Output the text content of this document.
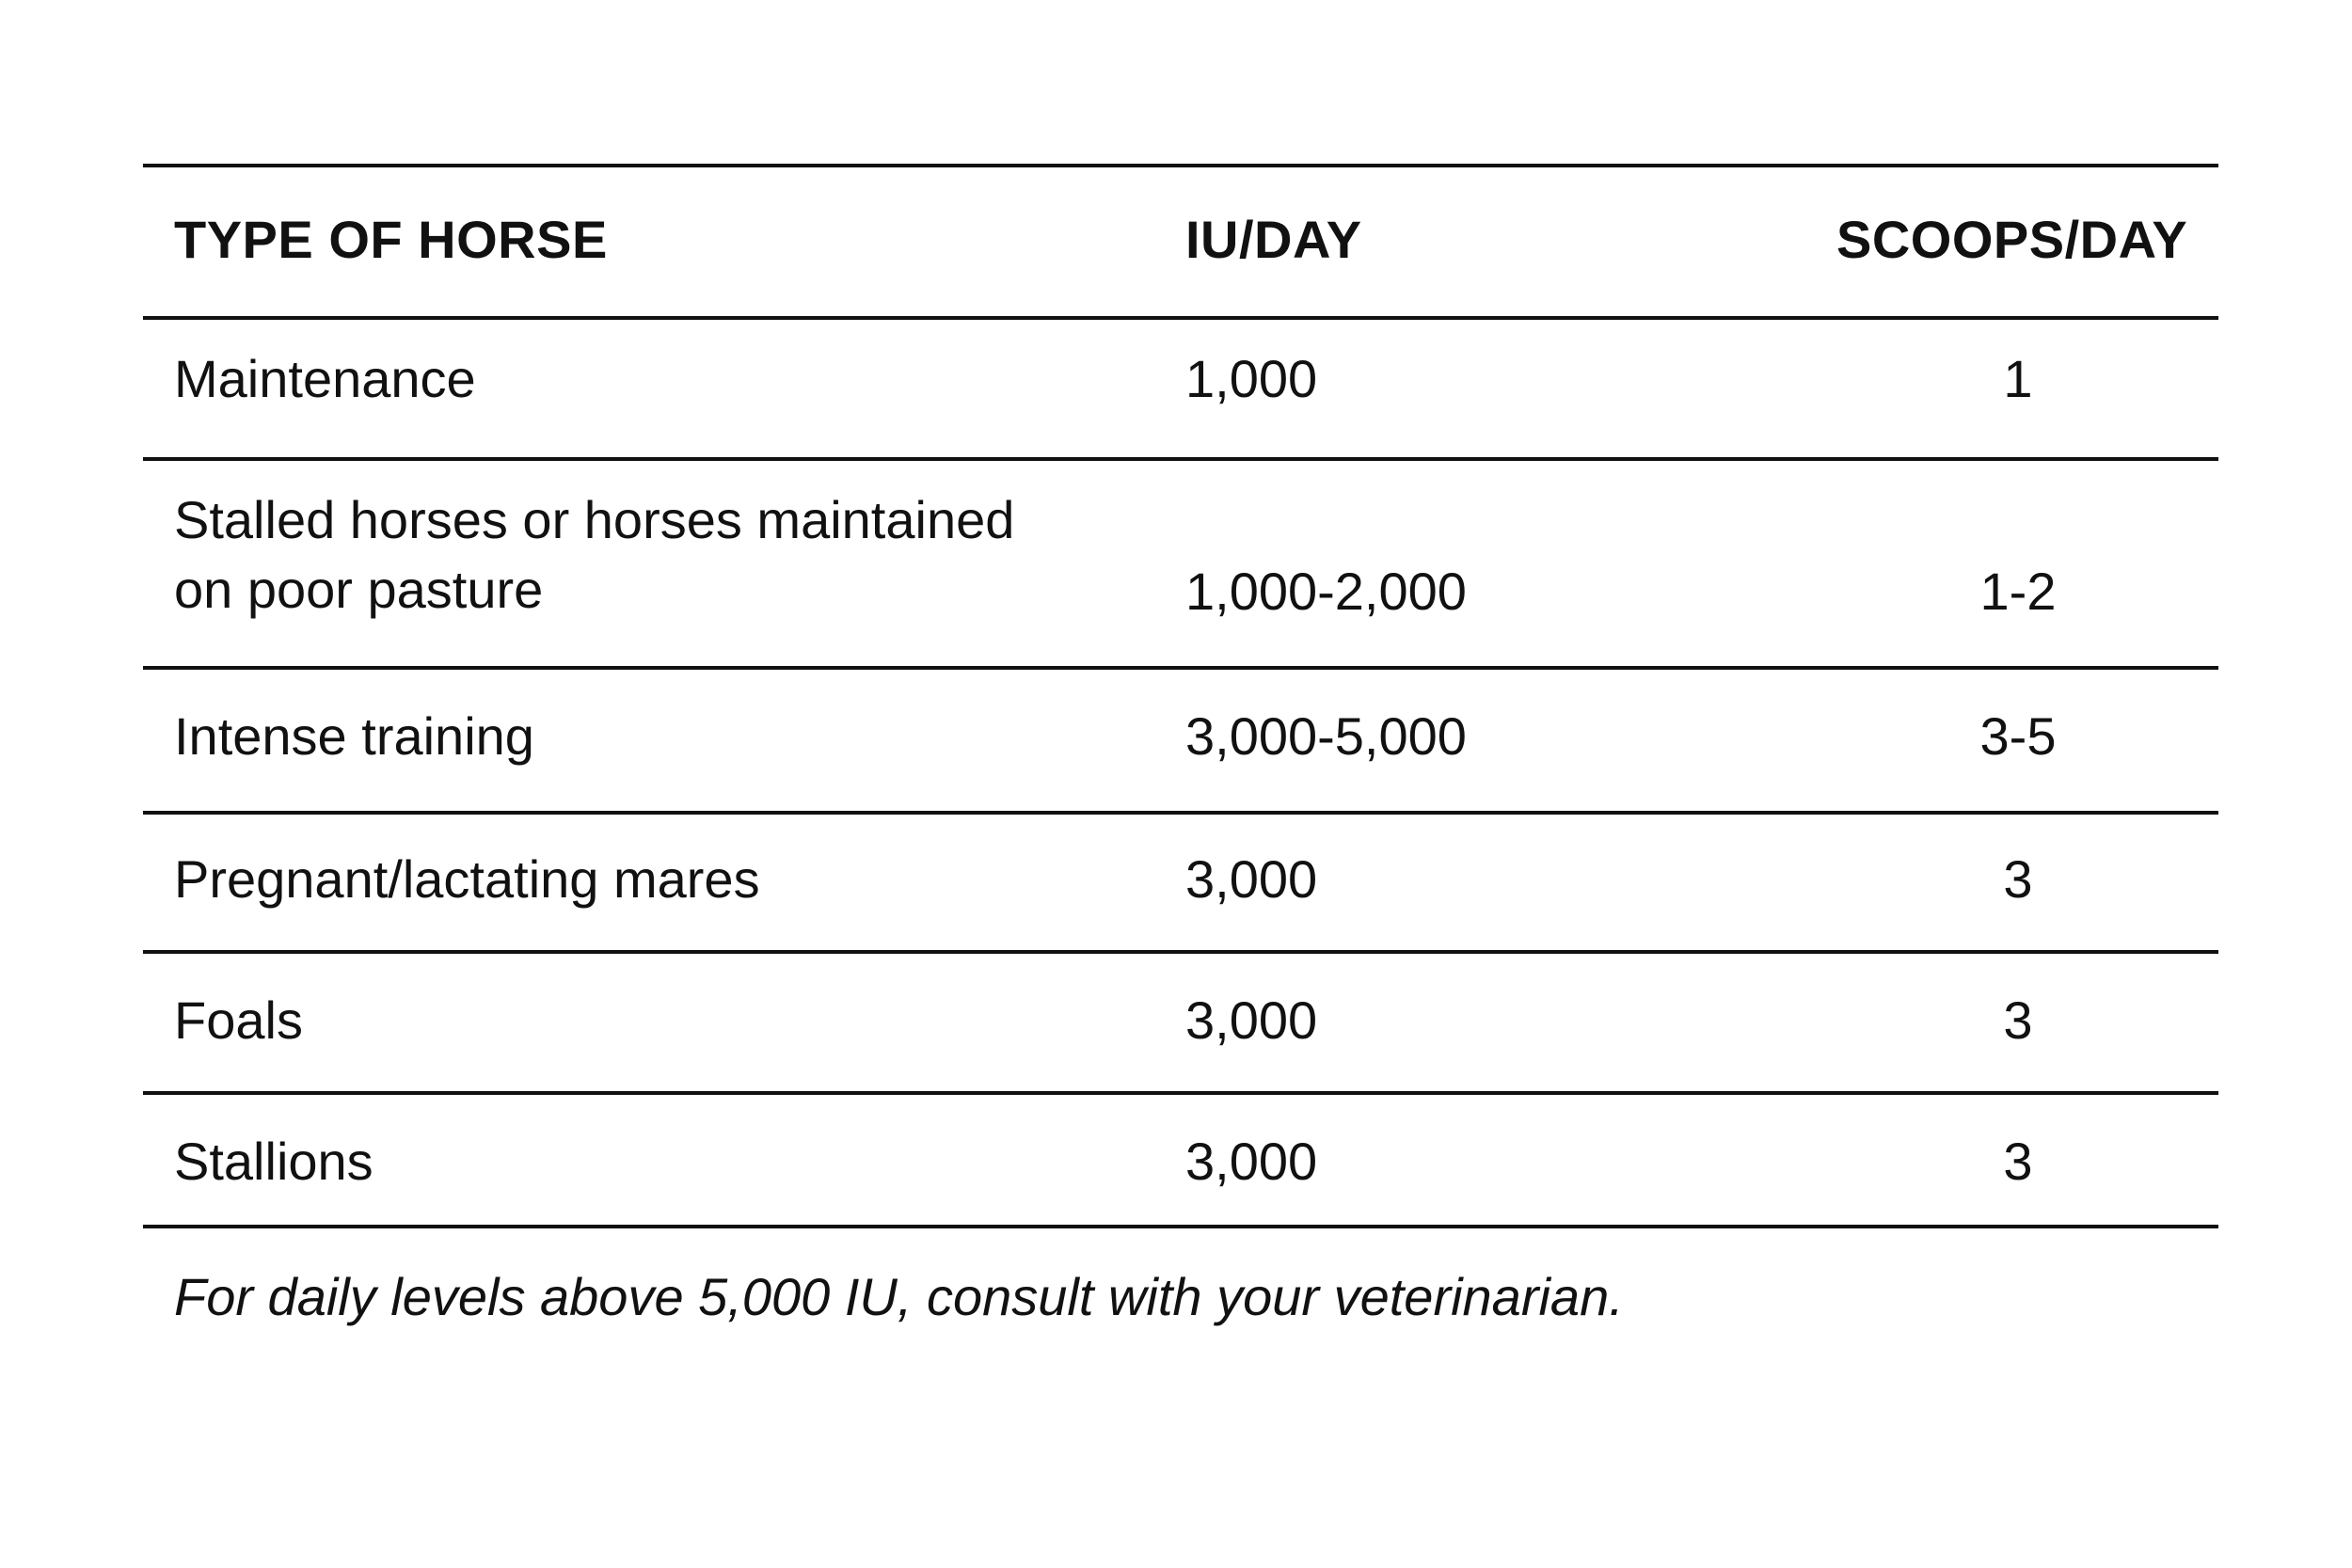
TYPE OF HORSE	IU/DAY	SCOOPS/DAY
Maintenance	1,000	1
Stalled horses or horses maintained on poor pasture	1,000-2,000	1-2
Intense training	3,000-5,000	3-5
Pregnant/lactating mares	3,000	3
Foals	3,000	3
Stallions	3,000	3
For daily levels above 5,000 IU, consult with your veterinarian.
